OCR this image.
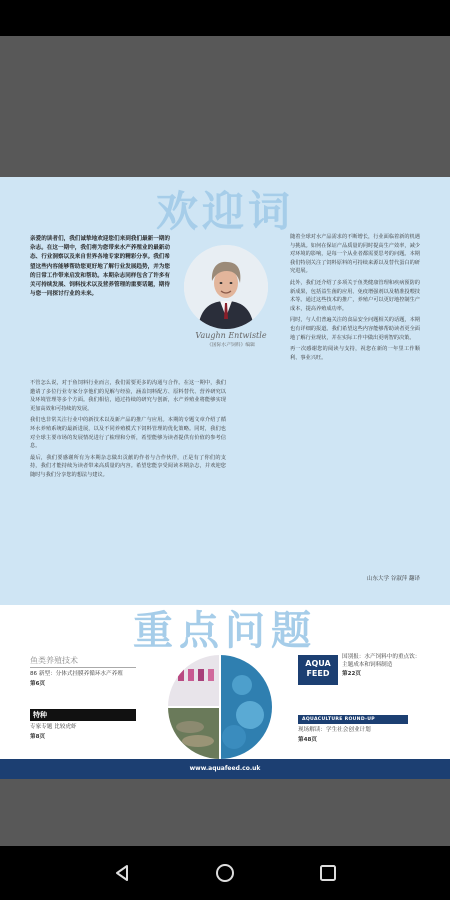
欢迎词
亲爱的读者们，我们诚挚地欢迎您们来到我们最新一期的杂志。在这一期中，我们将为您带来水产养殖业的最新动态、行业洞察以及来自世界各地专家的精彩分享。我们希望这些内容能够帮助您更好地了解行业发展趋势，并为您的日常工作带来启发和帮助。本期杂志同样包含了许多有关可持续发展、饲料技术以及营养管理的重要话题，期待与您一同探讨行业的未来。
Vaughn Entwistle
《国际水产饲料》编辑

不管怎么说，对于鱼饲料行业而言，我们需要更多的沟通与合作。在这一期中，我们邀请了多位行业专家分享他们的见解与经验，涵盖饲料配方、原料替代、营养研究以及环境管理等多个方面。我们相信，通过持续的研究与创新，水产养殖业将能够实现更加高效和可持续的发展。

我们也非常关注行业中的新技术以及新产品的推广与应用。本期的专题文章介绍了循环水养殖系统的最新进展，以及不同养殖模式下饲料管理的优化策略。同时，我们也对全球主要市场的发展情况进行了梳理和分析，希望能够为读者提供有价值的参考信息。

最后，我们要感谢所有为本期杂志做出贡献的作者与合作伙伴，正是有了你们的支持，我们才能持续为读者带来高质量的内容。希望您能享受阅读本期杂志，并欢迎您随时与我们分享您的想法与建议。

随着全球对水产品需求的不断增长，行业面临着新的机遇与挑战。如何在保证产品质量的同时提高生产效率，减少对环境的影响，是每一个从业者都需要思考的问题。本期我们特别关注了饲料原料的可持续来源以及替代蛋白的研究进展。

此外，我们还介绍了多项关于鱼类健康管理和疾病预防的新成果，包括益生菌的应用、免疫增强剂以及精准投喂技术等。通过这些技术的推广，养殖户可以更好地控制生产成本，提高养殖成功率。

同时，与人们普遍关注的食品安全问题相关的话题，本期也有详细的报道。我们希望这些内容能够帮助读者更全面地了解行业现状，并在实际工作中做出更明智的决策。

再一次感谢您的阅读与支持，祝您在新的一年里工作顺利、事业兴旺。

山东大学 谷淑萍 翻译
重点问题
鱼类养殖技术
86 新型：分体式挂膜养循环水产养殖
第6页
特种
专家专题 比较虎虾
第8页
AQUA FEED
国别报：水产饲料中的重点饮：主题成本和饲料制造
第22页
AQUACULTURE ROUND-UP
现场解读：学生社会创业计划
第48页
www.aquafeed.co.uk
